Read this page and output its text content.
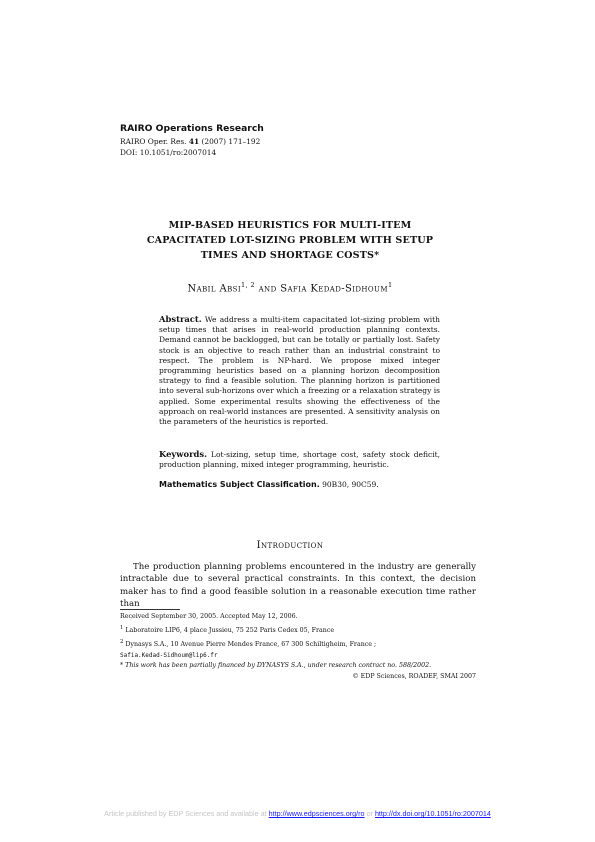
RAIRO Operations Research
RAIRO Oper. Res. 41 (2007) 171–192
DOI: 10.1051/ro:2007014
MIP-BASED HEURISTICS FOR MULTI-ITEM
CAPACITATED LOT-SIZING PROBLEM WITH SETUP
TIMES AND SHORTAGE COSTS*
Nabil Absi$^{1, 2}$ and Safia Kedad-Sidhoum$^1$

Abstract. We address a multi-item capacitated lot-sizing problem with setup times that arises in real-world production planning contexts. Demand cannot be backlogged, but can be totally or partially lost. Safety stock is an objective to reach rather than an industrial constraint to respect. The problem is NP-hard. We propose mixed integer programming heuristics based on a planning horizon decomposition strategy to find a feasible solution. The planning horizon is partitioned into several sub-horizons over which a freezing or a relaxation strategy is applied. Some experimental results showing the effectiveness of the approach on real-world instances are presented. A sensitivity analysis on the parameters of the heuristics is reported.

Keywords. Lot-sizing, setup time, shortage cost, safety stock deficit, production planning, mixed integer programming, heuristic.

Mathematics Subject Classification. 90B30, 90C59.

Introduction

The production planning problems encountered in the industry are generally intractable due to several practical constraints. In this context, the decision maker has to find a good feasible solution in a reasonable execution time rather than

Received September 30, 2005. Accepted May 12, 2006.
$^1$ Laboratoire LIP6, 4 place Jussieu, 75 252 Paris Cedex 05, France
$^2$ Dynasys S.A., 10 Avenue Pierre Mendes France, 67 300 Schiltigheim, France ;
Safia.Kedad-Sidhoum@lip6.fr
* This work has been partially financed by DYNASYS S.A., under research contract no. 588/2002.
© EDP Sciences, ROADEF, SMAI 2007
Article published by EDP Sciences and available at http://www.edpsciences.org/ro or http://dx.doi.org/10.1051/ro:2007014
